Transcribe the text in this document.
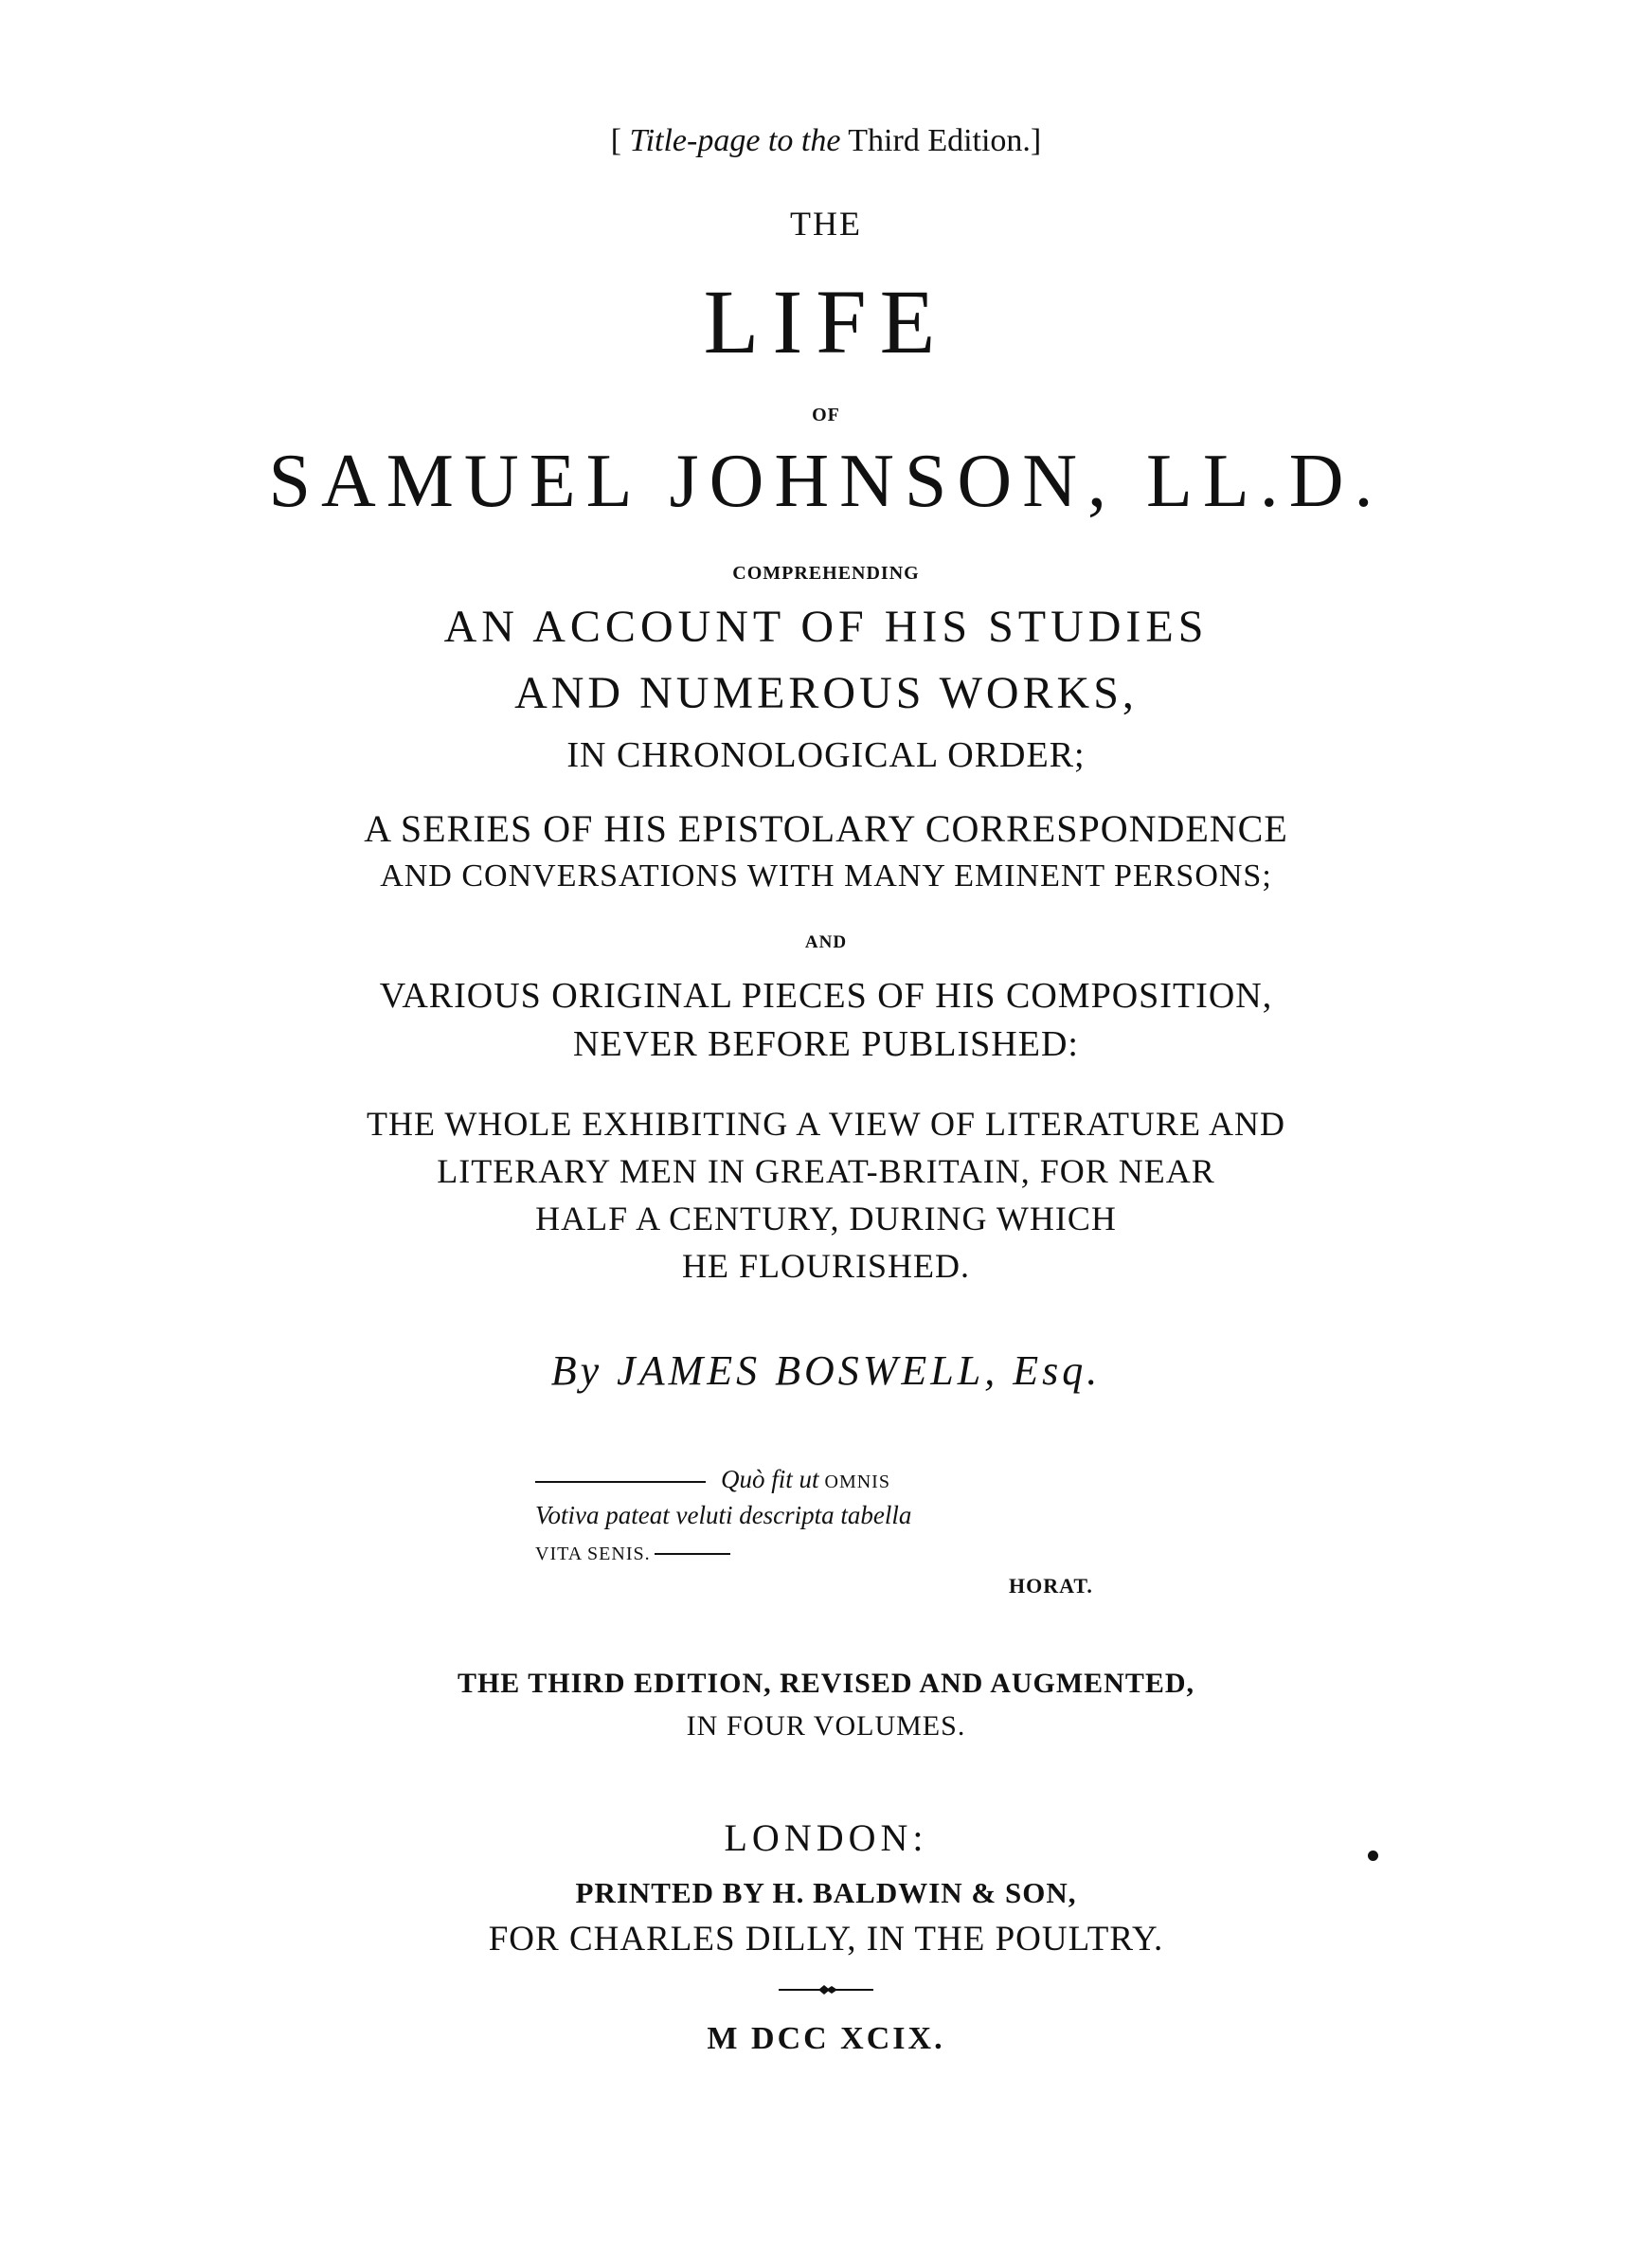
[ Title-page to the Third Edition.]
THE
LIFE
OF
SAMUEL JOHNSON, LL.D.
COMPREHENDING
AN ACCOUNT OF HIS STUDIES
AND NUMEROUS WORKS,
IN CHRONOLOGICAL ORDER;
A SERIES OF HIS EPISTOLARY CORRESPONDENCE
AND CONVERSATIONS WITH MANY EMINENT PERSONS;
AND
VARIOUS ORIGINAL PIECES OF HIS COMPOSITION,
NEVER BEFORE PUBLISHED:
THE WHOLE EXHIBITING A VIEW OF LITERATURE AND
LITERARY MEN IN GREAT-BRITAIN, FOR NEAR
HALF A CENTURY, DURING WHICH
HE FLOURISHED.
By JAMES BOSWELL, Esq.
Quò fit ut OMNIS
Votiva pateat veluti descripta tabella
VITA SENIS.
HORAT.
THE THIRD EDITION, REVISED AND AUGMENTED,
IN FOUR VOLUMES.
LONDON:
PRINTED BY H. BALDWIN & SON,
FOR CHARLES DILLY, IN THE POULTRY.
M DCC XCIX.
